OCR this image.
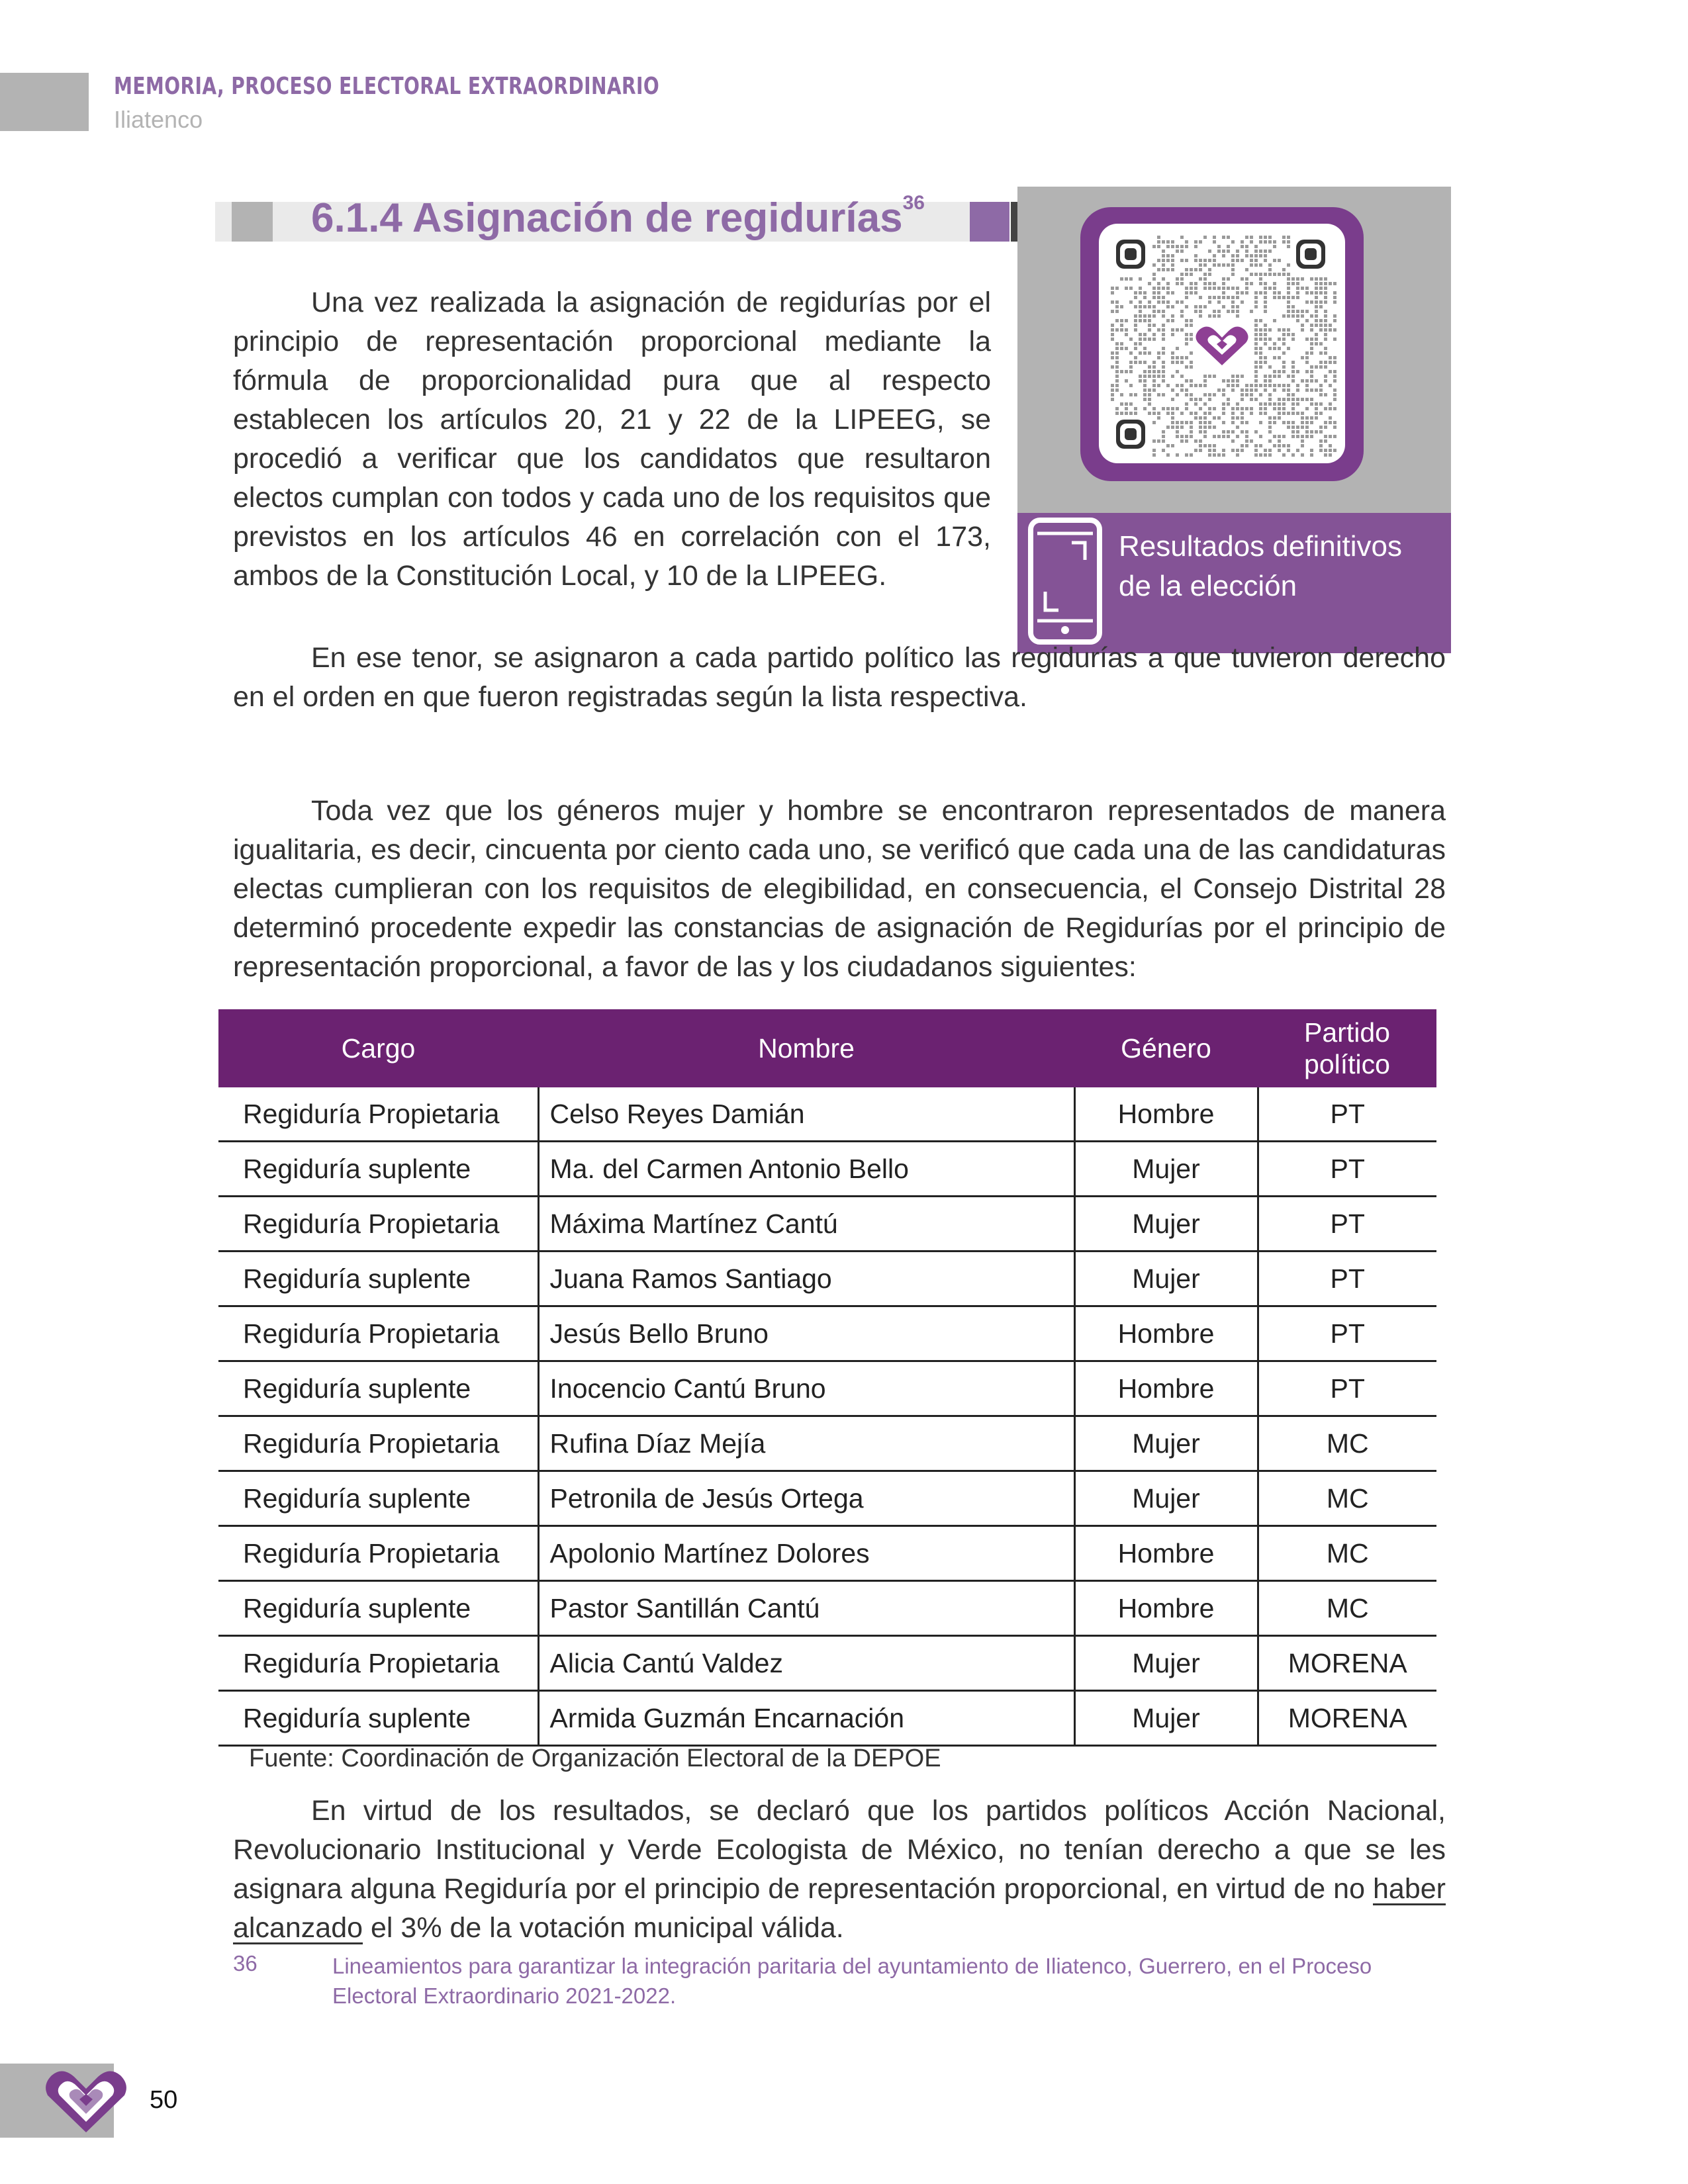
MEMORIA, PROCESO ELECTORAL EXTRAORDINARIO
Iliatenco
6.1.4 Asignación de regidurías$^{36}$
Resultados definitivos
de la elección
Una vez realizada la asignación de regidurías por el principio de representación proporcional mediante la fórmula de proporcionalidad pura que al respecto establecen los artículos 20, 21 y 22 de la LIPEEG, se procedió a verificar que los candidatos que resultaron electos cumplan con todos y cada uno de los requisitos que previstos en los artículos 46 en correlación con el 173, ambos de la Constitución Local, y 10 de la LIPEEG.
En ese tenor, se asignaron a cada partido político las regidurías a que tuvieron derecho en el orden en que fueron registradas según la lista respectiva.
Toda vez que los géneros mujer y hombre se encontraron representados de manera igualitaria, es decir, cincuenta por ciento cada uno, se verificó que cada una de las candidaturas electas cumplieran con los requisitos de elegibilidad, en consecuencia, el Consejo Distrital 28 determinó procedente expedir las constancias de asignación de Regidurías por el principio de representación proporcional, a favor de las y los ciudadanos siguientes:
Cargo	Nombre	Género	Partido político

Regiduría Propietaria	Celso Reyes Damián	Hombre	PT
Regiduría suplente	Ma. del Carmen Antonio Bello	Mujer	PT
Regiduría Propietaria	Máxima Martínez Cantú	Mujer	PT
Regiduría suplente	Juana Ramos Santiago	Mujer	PT
Regiduría Propietaria	Jesús Bello Bruno	Hombre	PT
Regiduría suplente	Inocencio Cantú Bruno	Hombre	PT
Regiduría Propietaria	Rufina Díaz Mejía	Mujer	MC
Regiduría suplente	Petronila de Jesús Ortega	Mujer	MC
Regiduría Propietaria	Apolonio Martínez Dolores	Hombre	MC
Regiduría suplente	Pastor Santillán Cantú	Hombre	MC
Regiduría Propietaria	Alicia Cantú Valdez	Mujer	MORENA
Regiduría suplente	Armida Guzmán Encarnación	Mujer	MORENA
Fuente: Coordinación de Organización Electoral de la DEPOE
En virtud de los resultados, se declaró que los partidos políticos Acción Nacional, Revolucionario Institucional y Verde Ecologista de México, no tenían derecho a que se les asignara alguna Regiduría por el principio de representación proporcional, en virtud de no haber alcanzado el 3% de la votación municipal válida.
36	Lineamientos para garantizar la integración paritaria del ayuntamiento de Iliatenco, Guerrero, en el Proceso Electoral Extraordinario 2021-2022.
50
